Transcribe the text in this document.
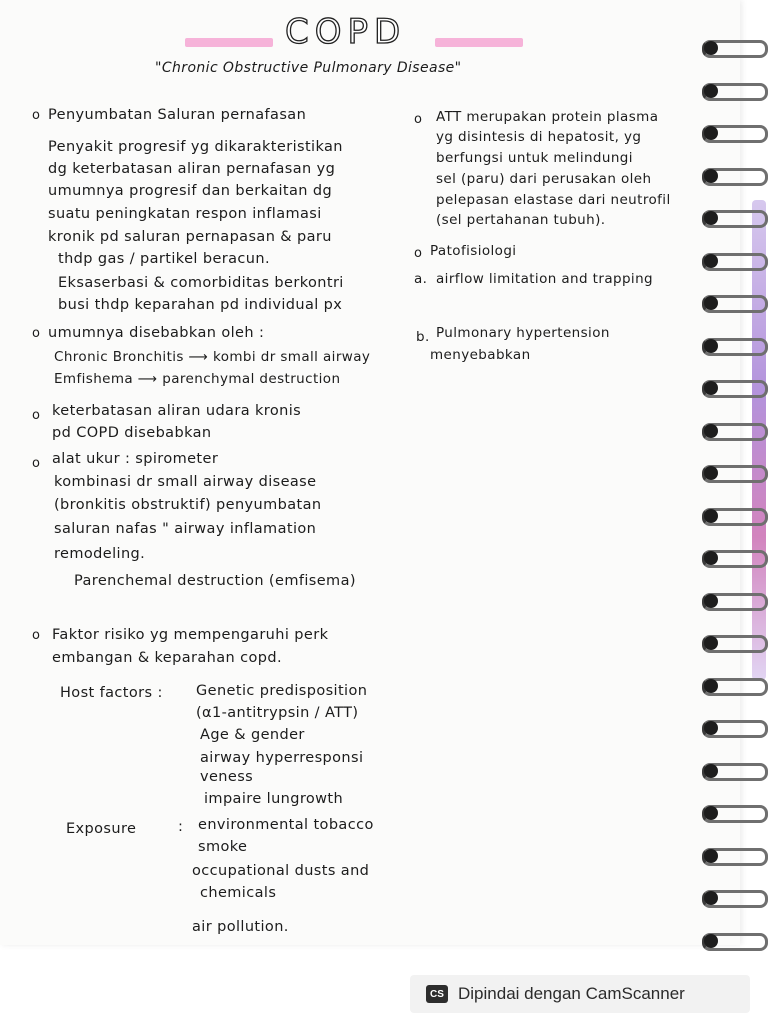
COPD
"Chronic Obstructive Pulmonary Disease"
o Penyumbatan Saluran pernafasan
Penyakit progresif yg dikarakteristikan
dg keterbatasan aliran pernafasan yg
umumnya progresif dan berkaitan dg
suatu peningkatan respon inflamasi
kronik pd saluran pernapasan & paru
thdp gas / partikel beracun.
Eksaserbasi & comorbiditas berkontri
busi thdp keparahan pd individual px
o umumnya disebabkan oleh :
Chronic Bronchitis ⟶ kombi dr small airway
Emfishema ⟶ parenchymal destruction
o keterbatasan aliran udara kronis
pd COPD disebabkan
o alat ukur : spirometer
kombinasi dr small airway disease
(bronkitis obstruktif) penyumbatan
saluran nafas " airway inflamation
remodeling.
Parenchemal destruction (emfisema)
o Faktor risiko yg mempengaruhi perk
embangan & keparahan copd.
Host factors : Genetic predisposition
(α1-antitrypsin / ATT)
Age & gender
airway hyperresponsi
veness
impaire lungrowth
Exposure	: environmental tobacco
smoke
occupational dusts and
chemicals
air pollution.
o ATT merupakan protein plasma
yg disintesis di hepatosit, yg
berfungsi untuk melindungi
sel (paru) dari perusakan oleh
pelepasan elastase dari neutrofil
(sel pertahanan tubuh).
o Patofisiologi
a. airflow limitation and trapping
b. Pulmonary hypertension
menyebabkan
CS Dipindai dengan CamScanner
